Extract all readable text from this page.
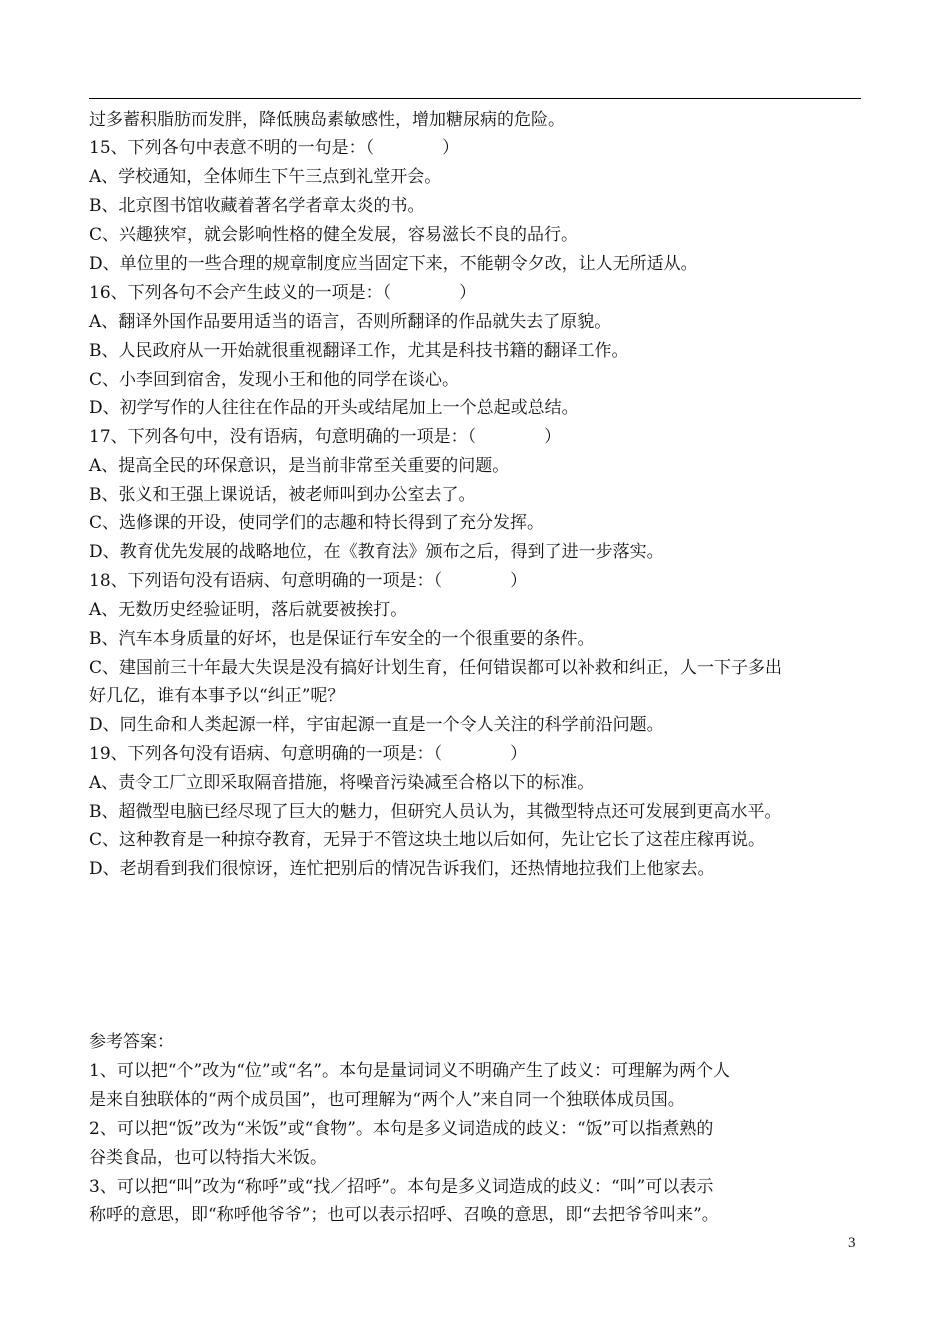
过多蓄积脂肪而发胖，降低胰岛素敏感性，增加糖尿病的危险。
15、下列各句中表意不明的一句是：（　　　　）
A、学校通知，全体师生下午三点到礼堂开会。
B、北京图书馆收藏着著名学者章太炎的书。
C、兴趣狭窄，就会影响性格的健全发展，容易滋长不良的品行。
D、单位里的一些合理的规章制度应当固定下来，不能朝令夕改，让人无所适从。
16、下列各句不会产生歧义的一项是：（　　　　）
A、翻译外国作品要用适当的语言，否则所翻译的作品就失去了原貌。
B、人民政府从一开始就很重视翻译工作，尤其是科技书籍的翻译工作。
C、小李回到宿舍，发现小王和他的同学在谈心。
D、初学写作的人往往在作品的开头或结尾加上一个总起或总结。
17、下列各句中，没有语病，句意明确的一项是：（　　　　）
A、提高全民的环保意识，是当前非常至关重要的问题。
B、张义和王强上课说话，被老师叫到办公室去了。
C、选修课的开设，使同学们的志趣和特长得到了充分发挥。
D、教育优先发展的战略地位，在《教育法》颁布之后，得到了进一步落实。
18、下列语句没有语病、句意明确的一项是：（　　　　）
A、无数历史经验证明，落后就要被挨打。
B、汽车本身质量的好坏，也是保证行车安全的一个很重要的条件。
C、建国前三十年最大失误是没有搞好计划生育，任何错误都可以补救和纠正，人一下子多出
好几亿，谁有本事予以“纠正”呢？
D、同生命和人类起源一样，宇宙起源一直是一个令人关注的科学前沿问题。
19、下列各句没有语病、句意明确的一项是：（　　　　）
A、责令工厂立即采取隔音措施，将噪音污染减至合格以下的标准。
B、超微型电脑已经尽现了巨大的魅力，但研究人员认为，其微型特点还可发展到更高水平。
C、这种教育是一种掠夺教育，无异于不管这块土地以后如何，先让它长了这茬庄稼再说。
D、老胡看到我们很惊讶，连忙把别后的情况告诉我们，还热情地拉我们上他家去。
参考答案：
1、可以把“个”改为“位”或“名”。本句是量词词义不明确产生了歧义：可理解为两个人
是来自独联体的“两个成员国”，也可理解为“两个人”来自同一个独联体成员国。
2、可以把“饭”改为“米饭”或“食物”。本句是多义词造成的歧义：“饭”可以指煮熟的
谷类食品，也可以特指大米饭。
3、可以把“叫”改为“称呼”或“找／招呼”。本句是多义词造成的歧义：“叫”可以表示
称呼的意思，即“称呼他爷爷”；也可以表示招呼、召唤的意思，即“去把爷爷叫来”。
3
